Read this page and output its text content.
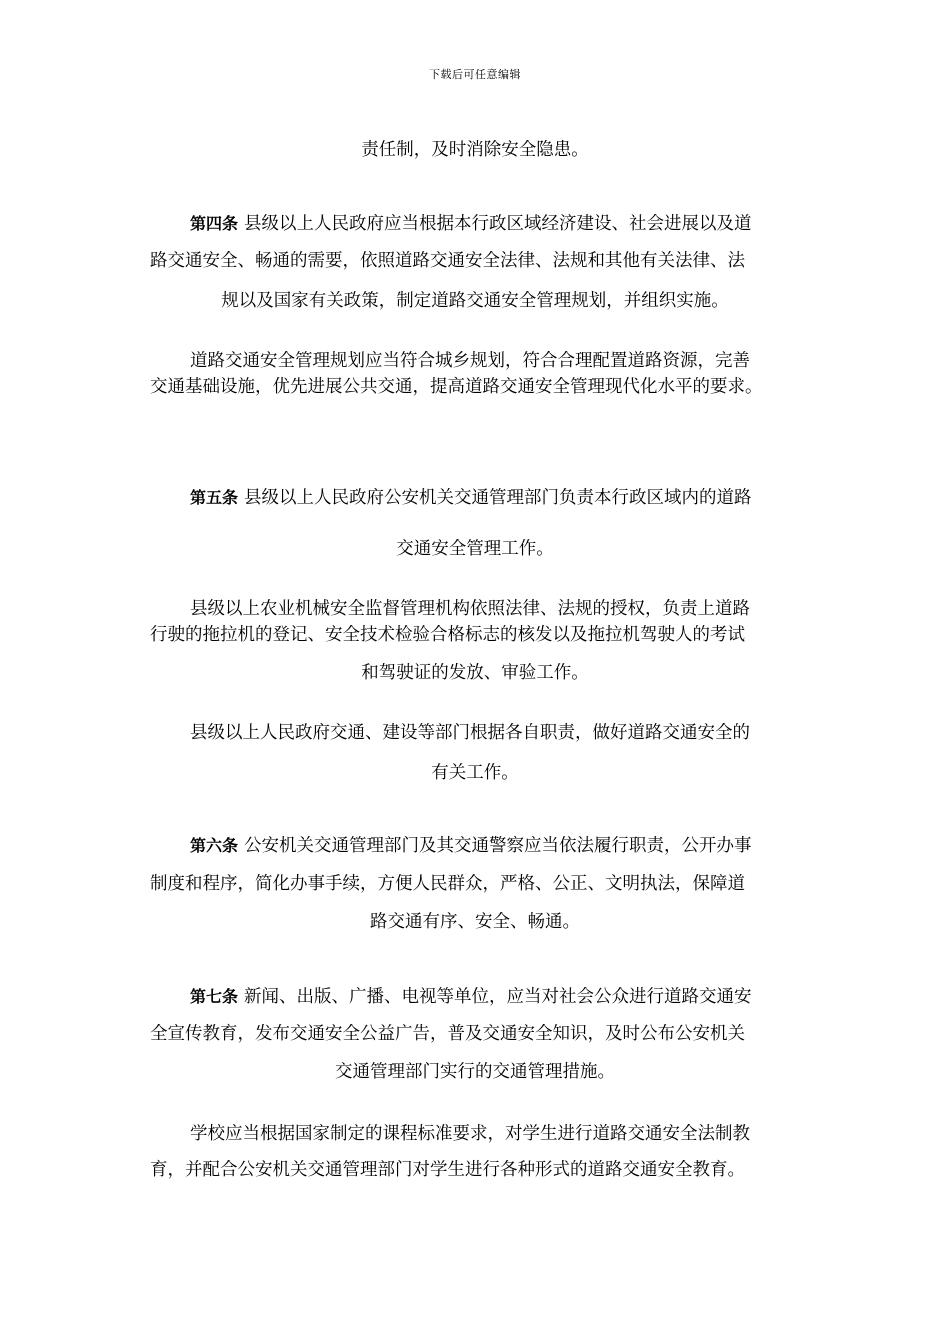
下载后可任意编辑
责任制，及时消除安全隐患。
第四条 县级以上人民政府应当根据本行政区域经济建设、社会进展以及道
路交通安全、畅通的需要，依照道路交通安全法律、法规和其他有关法律、法
规以及国家有关政策，制定道路交通安全管理规划，并组织实施。
道路交通安全管理规划应当符合城乡规划，符合合理配置道路资源，完善
交通基础设施，优先进展公共交通，提高道路交通安全管理现代化水平的要求。
第五条 县级以上人民政府公安机关交通管理部门负责本行政区域内的道路
交通安全管理工作。
县级以上农业机械安全监督管理机构依照法律、法规的授权，负责上道路
行驶的拖拉机的登记、安全技术检验合格标志的核发以及拖拉机驾驶人的考试
和驾驶证的发放、审验工作。
县级以上人民政府交通、建设等部门根据各自职责，做好道路交通安全的
有关工作。
第六条 公安机关交通管理部门及其交通警察应当依法履行职责，公开办事
制度和程序，简化办事手续，方便人民群众，严格、公正、文明执法，保障道
路交通有序、安全、畅通。
第七条 新闻、出版、广播、电视等单位，应当对社会公众进行道路交通安
全宣传教育，发布交通安全公益广告，普及交通安全知识，及时公布公安机关
交通管理部门实行的交通管理措施。
学校应当根据国家制定的课程标准要求，对学生进行道路交通安全法制教
育，并配合公安机关交通管理部门对学生进行各种形式的道路交通安全教育。
